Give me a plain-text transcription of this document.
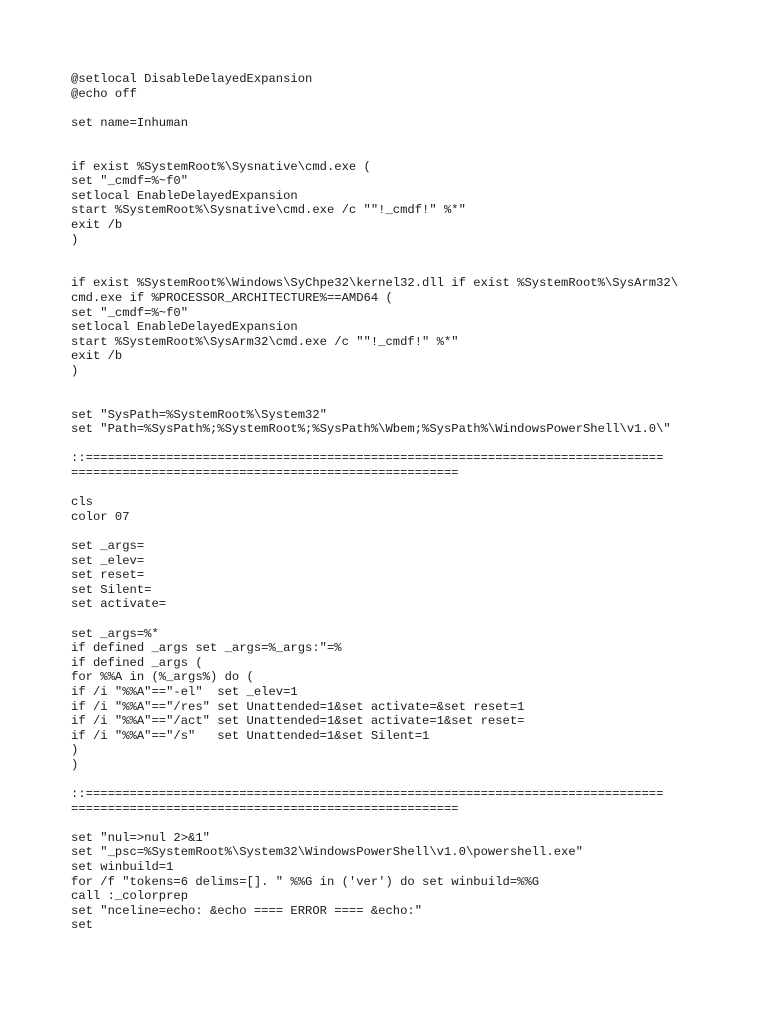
@setlocal DisableDelayedExpansion
@echo off
set name=Inhuman
if exist %SystemRoot%\Sysnative\cmd.exe (
set "_cmdf=%~f0"
setlocal EnableDelayedExpansion
start %SystemRoot%\Sysnative\cmd.exe /c ""!_cmdf!" %*"
exit /b
)
if exist %SystemRoot%\Windows\SyChpe32\kernel32.dll if exist %SystemRoot%\SysArm32\
cmd.exe if %PROCESSOR_ARCHITECTURE%==AMD64 (
set "_cmdf=%~f0"
setlocal EnableDelayedExpansion
start %SystemRoot%\SysArm32\cmd.exe /c ""!_cmdf!" %*"
exit /b
)
set "SysPath=%SystemRoot%\System32"
set "Path=%SysPath%;%SystemRoot%;%SysPath%\Wbem;%SysPath%\WindowsPowerShell\v1.0\"
::===============================================================================
=====================================================
cls
color 07
set _args=
set _elev=
set reset=
set Silent=
set activate=
set _args=%*
if defined _args set _args=%_args:"=%
if defined _args (
for %%A in (%_args%) do (
if /i "%%A"=="-el"  set _elev=1
if /i "%%A"=="/res" set Unattended=1&set activate=&set reset=1
if /i "%%A"=="/act" set Unattended=1&set activate=1&set reset=
if /i "%%A"=="/s"   set Unattended=1&set Silent=1
)
)
::===============================================================================
=====================================================
set "nul=>nul 2>&1"
set "_psc=%SystemRoot%\System32\WindowsPowerShell\v1.0\powershell.exe"
set winbuild=1
for /f "tokens=6 delims=[]. " %%G in ('ver') do set winbuild=%%G
call :_colorprep
set "nceline=echo: &echo ==== ERROR ==== &echo:"
set
